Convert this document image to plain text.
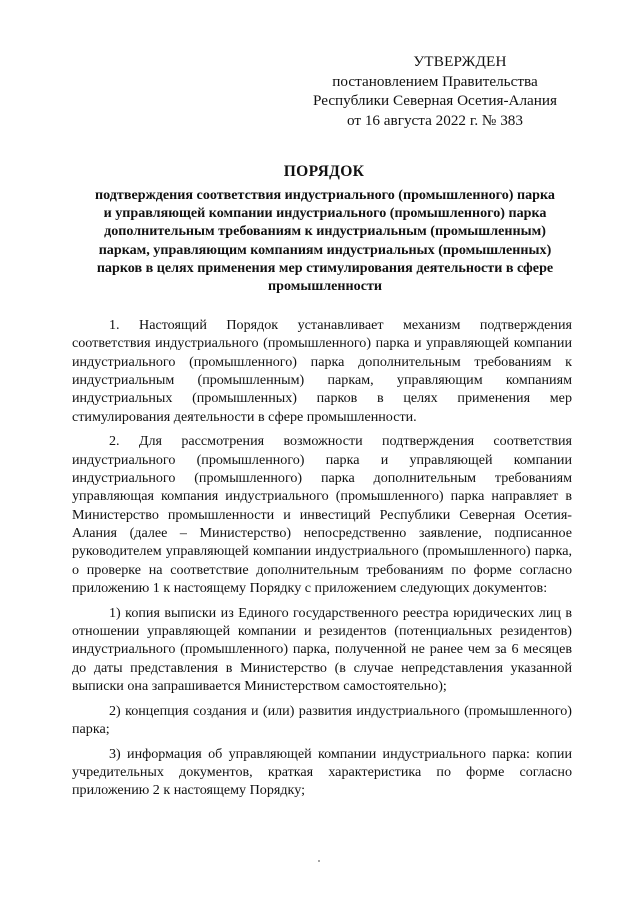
УТВЕРЖДЕН
постановлением Правительства
Республики Северная Осетия-Алания
от 16 августа 2022 г. № 383
ПОРЯДОК
подтверждения соответствия индустриального (промышленного) парка
и управляющей компании индустриального (промышленного) парка
дополнительным требованиям к индустриальным (промышленным)
паркам, управляющим компаниям индустриальных (промышленных)
парков в целях применения мер стимулирования деятельности в сфере
промышленности

1. Настоящий Порядок устанавливает механизм подтверждения соответствия индустриального (промышленного) парка и управляющей компании индустриального (промышленного) парка дополнительным требованиям к индустриальным (промышленным) паркам, управляющим компаниям индустриальных (промышленных) парков в целях применения мер стимулирования деятельности в сфере промышленности.

2. Для рассмотрения возможности подтверждения соответствия индустриального (промышленного) парка и управляющей компании индустриального (промышленного) парка дополнительным требованиям управляющая компания индустриального (промышленного) парка направляет в Министерство промышленности и инвестиций Республики Северная Осетия-Алания (далее – Министерство) непосредственно заявление, подписанное руководителем управляющей компании индустриального (промышленного) парка, о проверке на соответствие дополнительным требованиям по форме согласно приложению 1 к настоящему Порядку с приложением следующих документов:

1) копия выписки из Единого государственного реестра юридических лиц в отношении управляющей компании и резидентов (потенциальных резидентов) индустриального (промышленного) парка, полученной не ранее чем за 6 месяцев до даты представления в Министерство (в случае непредставления указанной выписки она запрашивается Министерством самостоятельно);

2) концепция создания и (или) развития индустриального (промышленного) парка;

3) информация об управляющей компании индустриального парка: копии учредительных документов, краткая характеристика по форме согласно приложению 2 к настоящему Порядку;
